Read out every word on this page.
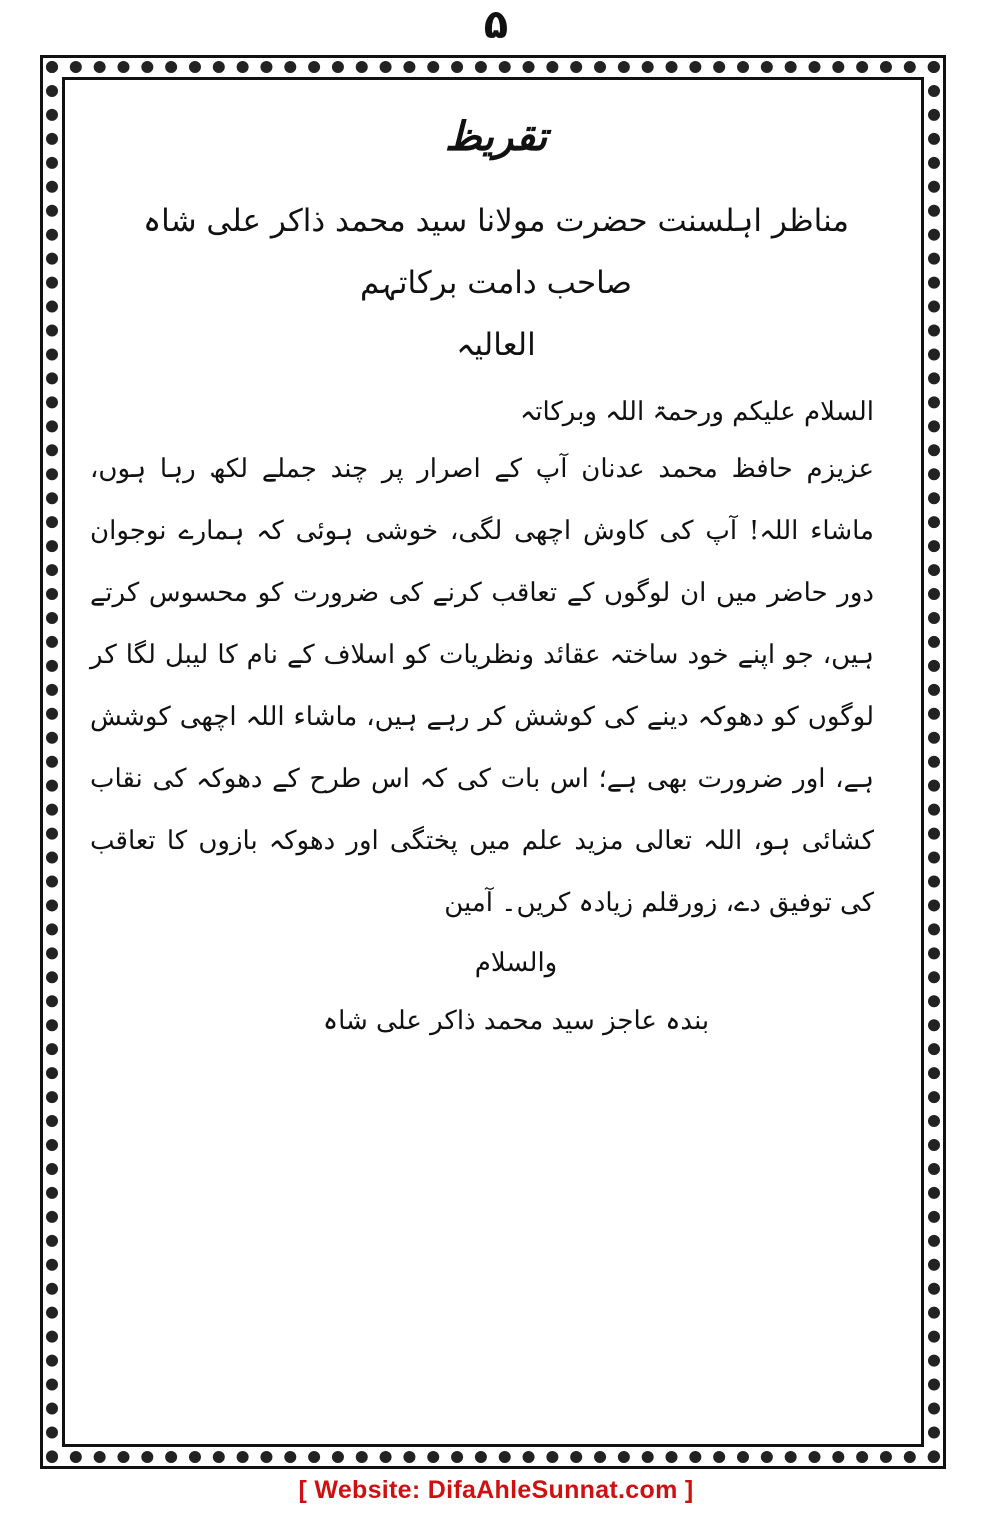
۵
تقریظ

مناظر اہلسنت حضرت مولانا سید محمد ذاکر علی شاہ صاحب دامت برکاتہم

العالیہ

السلام علیکم ورحمۃ اللہ وبرکاتہ

عزیزم حافظ محمد عدنان آپ کے اصرار پر چند جملے لکھ رہا ہوں، ماشاء اللہ! آپ کی کاوش اچھی لگی، خوشی ہوئی کہ ہمارے نوجوان دور حاضر میں ان لوگوں کے تعاقب کرنے کی ضرورت کو محسوس کرتے ہیں، جو اپنے خود ساختہ عقائد ونظریات کو اسلاف کے نام کا لیبل لگا کر لوگوں کو دھوکہ دینے کی کوشش کر رہے ہیں، ماشاء اللہ اچھی کوشش ہے، اور ضرورت بھی ہے؛ اس بات کی کہ اس طرح کے دھوکہ کی نقاب کشائی ہو، اللہ تعالی مزید علم میں پختگی اور دھوکہ بازوں کا تعاقب کی توفیق دے، زورقلم زیادہ کریں۔ آمین

والسلام

بندہ عاجز سید محمد ذاکر علی شاہ

[ Website: DifaAhleSunnat.com ]
